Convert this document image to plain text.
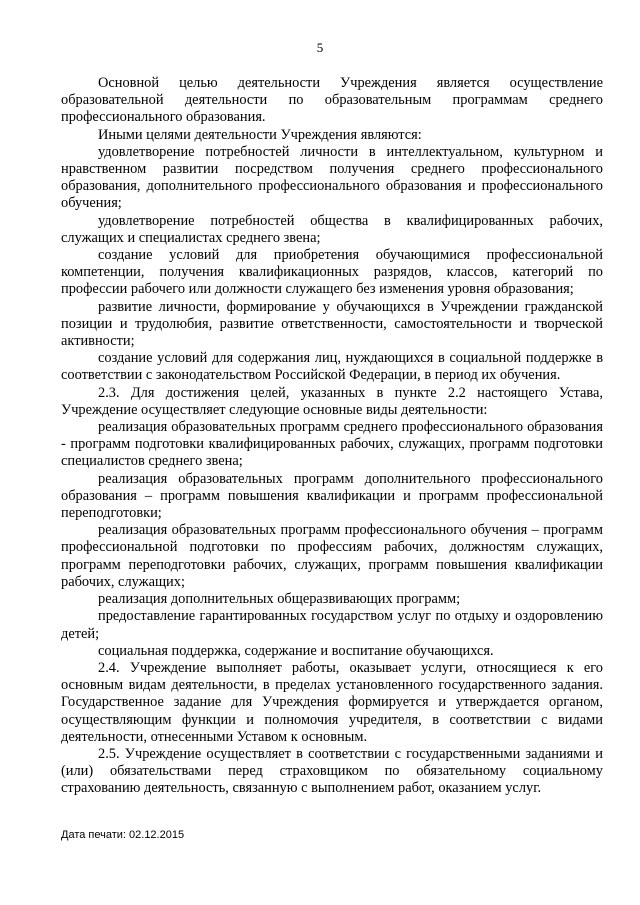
5

Основной целью деятельности Учреждения является осуществление образовательной деятельности по образовательным программам среднего профессионального образования.

Иными целями деятельности Учреждения являются:

удовлетворение потребностей личности в интеллектуальном, культурном и нравственном развитии посредством получения среднего профессионального образования, дополнительного профессионального образования и профессионального обучения;

удовлетворение потребностей общества в квалифицированных рабочих, служащих и специалистах среднего звена;

создание условий для приобретения обучающимися профессиональной компетенции, получения квалификационных разрядов, классов, категорий по профессии рабочего или должности служащего без изменения уровня образования;

развитие личности, формирование у обучающихся в Учреждении гражданской позиции и трудолюбия, развитие ответственности, самостоятельности и творческой активности;

создание условий для содержания лиц, нуждающихся в социальной поддержке в соответствии с законодательством Российской Федерации, в период их обучения.

2.3. Для достижения целей, указанных в пункте 2.2 настоящего Устава, Учреждение осуществляет следующие основные виды деятельности:

реализация образовательных программ среднего профессионального образования - программ подготовки квалифицированных рабочих, служащих, программ подготовки специалистов среднего звена;

реализация образовательных программ дополнительного профессионального образования – программ повышения квалификации и программ профессиональной переподготовки;

реализация образовательных программ профессионального обучения – программ профессиональной подготовки по профессиям рабочих, должностям служащих, программ переподготовки рабочих, служащих, программ повышения квалификации рабочих, служащих;

реализация дополнительных общеразвивающих программ;

предоставление гарантированных государством услуг по отдыху и оздоровлению детей;

социальная поддержка, содержание и воспитание обучающихся.

2.4. Учреждение выполняет работы, оказывает услуги, относящиеся к его основным видам деятельности, в пределах установленного государственного задания. Государственное задание для Учреждения формируется и утверждается органом, осуществляющим функции и полномочия учредителя, в соответствии с видами деятельности, отнесенными Уставом к основным.

2.5. Учреждение осуществляет в соответствии с государственными заданиями и (или) обязательствами перед страховщиком по обязательному социальному страхованию деятельность, связанную с выполнением работ, оказанием услуг.

Дата печати: 02.12.2015
